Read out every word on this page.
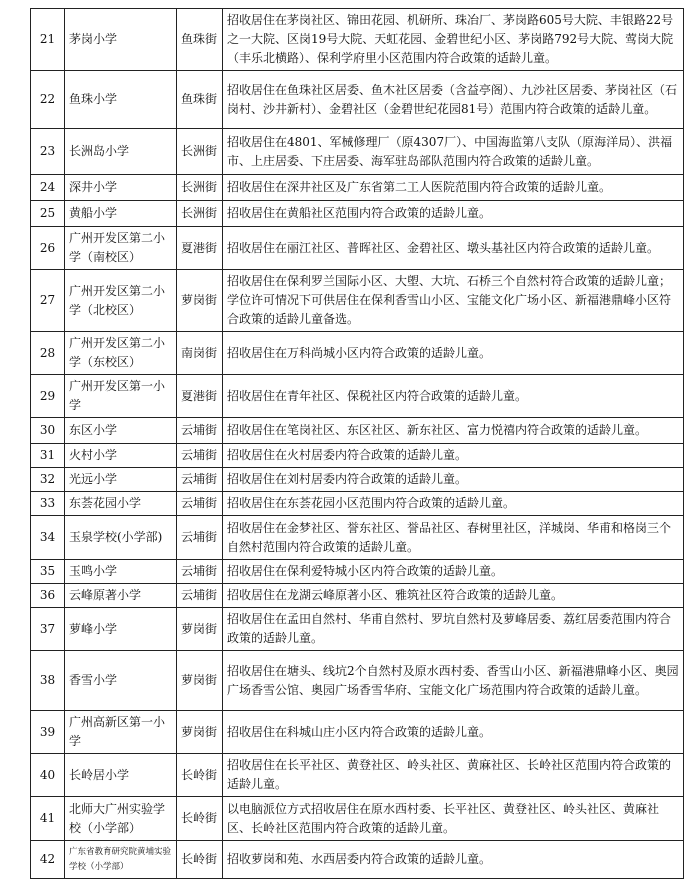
21	茅岗小学	鱼珠街	招收居住在茅岗社区、锦田花园、机研所、珠冶厂、茅岗路605号大院、丰银路22号之一大院、区岗19号大院、天虹花园、金碧世纪小区、茅岗路792号大院、莺岗大院（丰乐北横路）、保利学府里小区范围内符合政策的适龄儿童。
22	鱼珠小学	鱼珠街	招收居住在鱼珠社区居委、鱼木社区居委（含益亭阁）、九沙社区居委、茅岗社区（石岗村、沙井新村）、金碧社区（金碧世纪花园81号）范围内符合政策的适龄儿童。
23	长洲岛小学	长洲街	招收居住在4801、军械修理厂（原4307厂）、中国海监第八支队（原海洋局）、洪福市、上庄居委、下庄居委、海军驻岛部队范围内符合政策的适龄儿童。
24	深井小学	长洲街	招收居住在深井社区及广东省第二工人医院范围内符合政策的适龄儿童。
25	黄船小学	长洲街	招收居住在黄船社区范围内符合政策的适龄儿童。
26	广州开发区第二小学（南校区）	夏港街	招收居住在丽江社区、普晖社区、金碧社区、墩头基社区内符合政策的适龄儿童。
27	广州开发区第二小学（北校区）	萝岗街	招收居住在保利罗兰国际小区、大塱、大坑、石桥三个自然村符合政策的适龄儿童；学位许可情况下可供居住在保利香雪山小区、宝能文化广场小区、新福港鼎峰小区符合政策的适龄儿童备选。
28	广州开发区第二小学（东校区）	南岗街	招收居住在万科尚城小区内符合政策的适龄儿童。
29	广州开发区第一小学	夏港街	招收居住在青年社区、保税社区内符合政策的适龄儿童。
30	东区小学	云埔街	招收居住在笔岗社区、东区社区、新东社区、富力悦禧内符合政策的适龄儿童。
31	火村小学	云埔街	招收居住在火村居委内符合政策的适龄儿童。
32	光远小学	云埔街	招收居住在刘村居委内符合政策的适龄儿童。
33	东荟花园小学	云埔街	招收居住在东荟花园小区范围内符合政策的适龄儿童。
34	玉泉学校(小学部)	云埔街	招收居住在金梦社区、誉东社区、誉品社区、春树里社区，洋城岗、华甫和格岗三个自然村范围内符合政策的适龄儿童。
35	玉鸣小学	云埔街	招收居住在保利爱特城小区内符合政策的适龄儿童。
36	云峰原著小学	云埔街	招收居住在龙湖云峰原著小区、雅筑社区符合政策的适龄儿童。
37	萝峰小学	萝岗街	招收居住在孟田自然村、华甫自然村、罗坑自然村及萝峰居委、荔红居委范围内符合政策的适龄儿童。
38	香雪小学	萝岗街	招收居住在塘头、线坑2个自然村及原水西村委、香雪山小区、新福港鼎峰小区、奥园广场香雪公馆、奥园广场香雪华府、宝能文化广场范围内符合政策的适龄儿童。
39	广州高新区第一小学	萝岗街	招收居住在科城山庄小区内符合政策的适龄儿童。
40	长岭居小学	长岭街	招收居住在长平社区、黄登社区、岭头社区、黄麻社区、长岭社区范围内符合政策的适龄儿童。
41	北师大广州实验学校（小学部）	长岭街	以电脑派位方式招收居住在原水西村委、长平社区、黄登社区、岭头社区、黄麻社区、长岭社区范围内符合政策的适龄儿童。
42	广东省教育研究院黄埔实验学校（小学部）	长岭街	招收萝岗和苑、水西居委内符合政策的适龄儿童。
